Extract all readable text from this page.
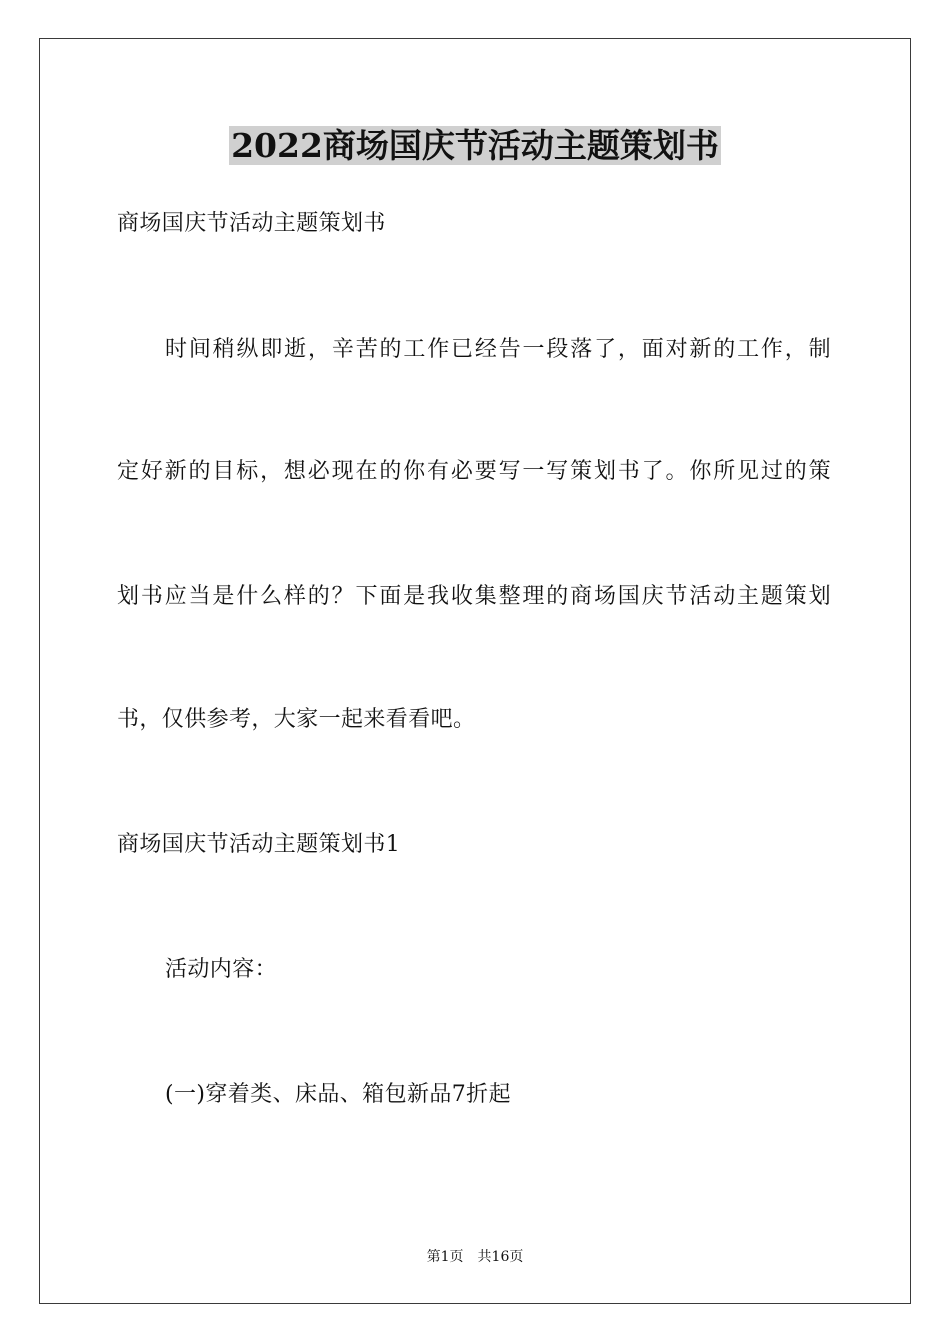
2022商场国庆节活动主题策划书

商场国庆节活动主题策划书

时间稍纵即逝，辛苦的工作已经告一段落了，面对新的工作，制

定好新的目标，想必现在的你有必要写一写策划书了。你所见过的策

划书应当是什么样的？下面是我收集整理的商场国庆节活动主题策划

书，仅供参考，大家一起来看看吧。

商场国庆节活动主题策划书1

活动内容：

(一)穿着类、床品、箱包新品7折起

第1页 共16页
